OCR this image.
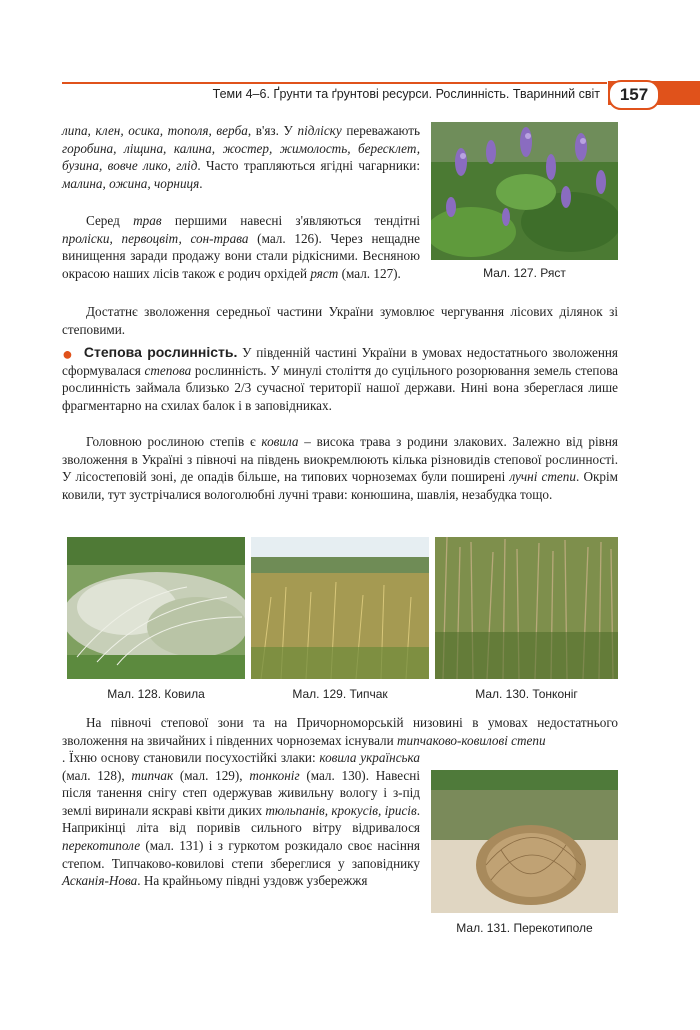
Теми 4–6. Ґрунти та ґрунтові ресурси. Рослинність. Тваринний світ	157

липа, клен, осика, тополя, верба, в'яз. У підліску переважають горобина, ліщина, калина, жостер, жимолость, бересклет, бузина, вовче лико, глід. Часто трапляються ягідні чагарники: малина, ожина, чорниця.

Серед трав першими навесні з'являються тендітні проліски, первоцвіт, сон-трава (мал. 126). Через нещадне винищення заради продажу вони стали рідкісними. Весняною окрасою наших лісів також є родич орхідей ряст (мал. 127).	Мал. 127. Ряст

Достатнє зволоження середньої частини України зумовлює чергування лісових ділянок зі степовими.

● Степова рослинність. У південній частині України в умовах недостатнього зволоження сформувалася степова рослинність. У минулі століття до суцільного розорювання земель степова рослинність займала близько 2/3 сучасної території нашої держави. Нині вона збереглася лише фрагментарно на схилах балок і в заповідниках.

Головною рослиною степів є ковила – висока трава з родини злакових. Залежно від рівня зволоження в Україні з півночі на південь виокремлюють кілька різновидів степової рослинності. У лісостеповій зоні, де опадів більше, на типових чорноземах були поширені лучні степи. Окрім ковили, тут зустрічалися вологолюбні лучні трави: конюшина, шавлія, незабудка тощо.

Мал. 128. Ковила	Мал. 129. Типчак	Мал. 130. Тонконіг

На півночі степової зони та на Причорноморській низовині в умовах недостатнього зволоження на звичайних і південних чорноземах існували типчаково-ковилові степи

. Їхню основу становили посухостійкі злаки: ковила українська (мал. 128), типчак (мал. 129), тонконіг (мал. 130). Навесні після танення снігу степ одержував живильну вологу і з-під землі виринали яскраві квіти диких тюльпанів, крокусів, ірисів. Наприкінці літа від поривів сильного вітру відривалося перекотиполе (мал. 131) і з гуркотом розкидало своє насіння степом. Типчаково-ковилові степи збереглися у заповіднику Асканія-Нова. На крайньому півдні уздовж узбережжя

Мал. 131. Перекотиполе
